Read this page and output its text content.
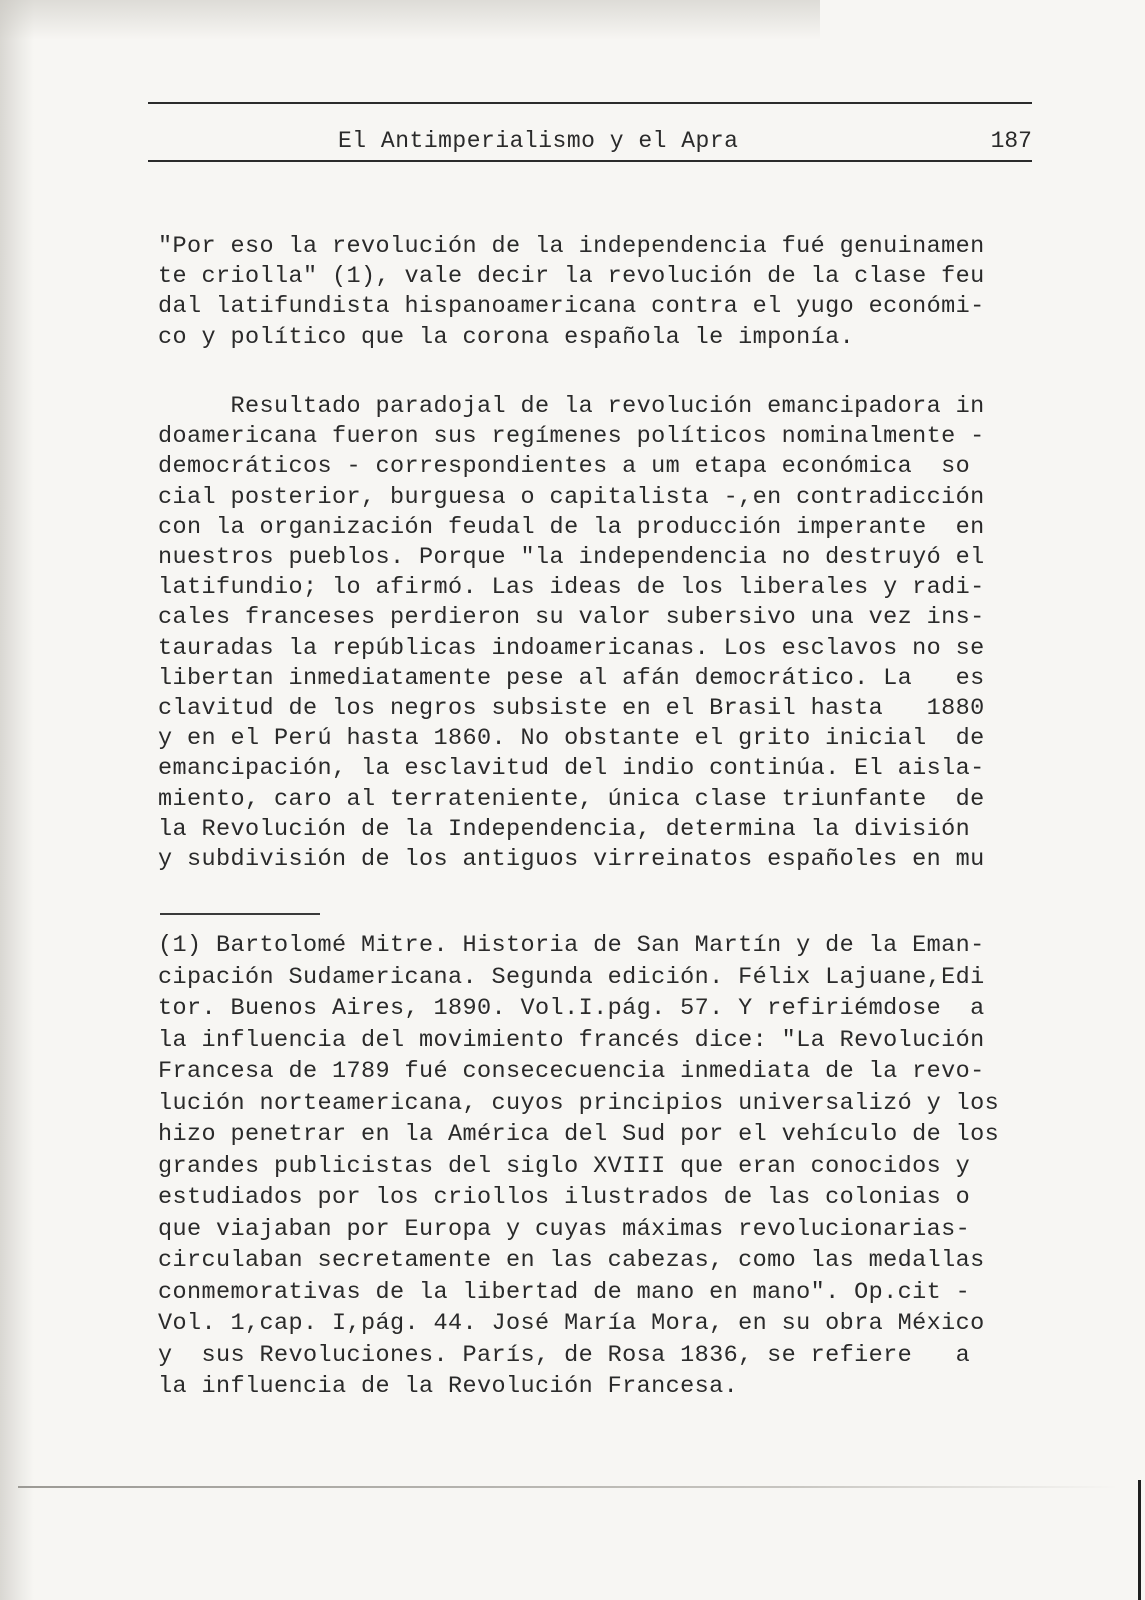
El Antimperialismo y el Apra	187
"Por eso la revolución de la independencia fué genuinamen
te criolla" (1), vale decir la revolución de la clase feu
dal latifundista hispanoamericana contra el yugo económi-
co y político que la corona española le imponía.
Resultado paradojal de la revolución emancipadora in
doamericana fueron sus regímenes políticos nominalmente -
democráticos - correspondientes a um etapa económica  so
cial posterior, burguesa o capitalista -,en contradicción
con la organización feudal de la producción imperante  en
nuestros pueblos. Porque "la independencia no destruyó el
latifundio; lo afirmó. Las ideas de los liberales y radi-
cales franceses perdieron su valor subersivo una vez ins-
tauradas la repúblicas indoamericanas. Los esclavos no se
libertan inmediatamente pese al afán democrático. La   es
clavitud de los negros subsiste en el Brasil hasta   1880
y en el Perú hasta 1860. No obstante el grito inicial  de
emancipación, la esclavitud del indio continúa. El aisla-
miento, caro al terrateniente, única clase triunfante  de
la Revolución de la Independencia, determina la división
y subdivisión de los antiguos virreinatos españoles en mu
(1) Bartolomé Mitre. Historia de San Martín y de la Eman-
cipación Sudamericana. Segunda edición. Félix Lajuane,Edi
tor. Buenos Aires, 1890. Vol.I.pág. 57. Y refiriémdose  a
la influencia del movimiento francés dice: "La Revolución
Francesa de 1789 fué consececuencia inmediata de la revo-
lución norteamericana, cuyos principios universalizó y los
hizo penetrar en la América del Sud por el vehículo de los
grandes publicistas del siglo XVIII que eran conocidos y
estudiados por los criollos ilustrados de las colonias o
que viajaban por Europa y cuyas máximas revolucionarias-
circulaban secretamente en las cabezas, como las medallas
conmemorativas de la libertad de mano en mano". Op.cit -
Vol. 1,cap. I,pág. 44. José María Mora, en su obra México
y  sus Revoluciones. París, de Rosa 1836, se refiere   a
la influencia de la Revolución Francesa.
